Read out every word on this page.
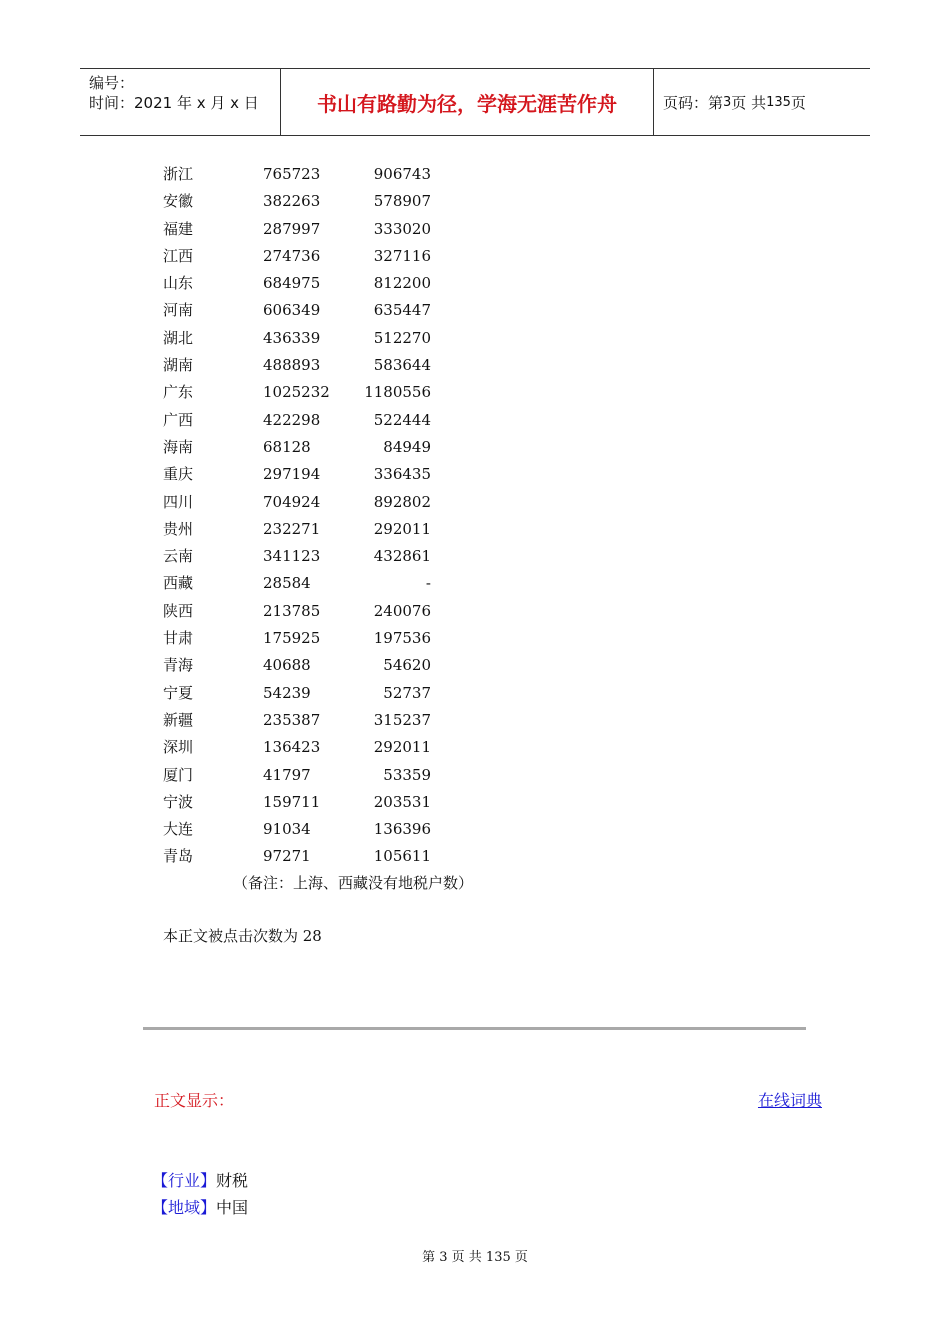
编号：
时间：2021 年 x 月 x 日	书山有路勤为径，学海无涯苦作舟	页码：第 3 页 共 135 页
浙江	765723	906743
安徽	382263	578907
福建	287997	333020
江西	274736	327116
山东	684975	812200
河南	606349	635447
湖北	436339	512270
湖南	488893	583644
广东	1025232	1180556
广西	422298	522444
海南	68128	84949
重庆	297194	336435
四川	704924	892802
贵州	232271	292011
云南	341123	432861
西藏	28584	-
陕西	213785	240076
甘肃	175925	197536
青海	40688	54620
宁夏	54239	52737
新疆	235387	315237
深圳	136423	292011
厦门	41797	53359
宁波	159711	203531
大连	91034	136396
青岛	97271	105611
（备注：上海、西藏没有地税户数）
本正文被点击次数为 28
正文显示：	在线词典
【行业】财税
【地域】中国
第 3 页 共 135 页
